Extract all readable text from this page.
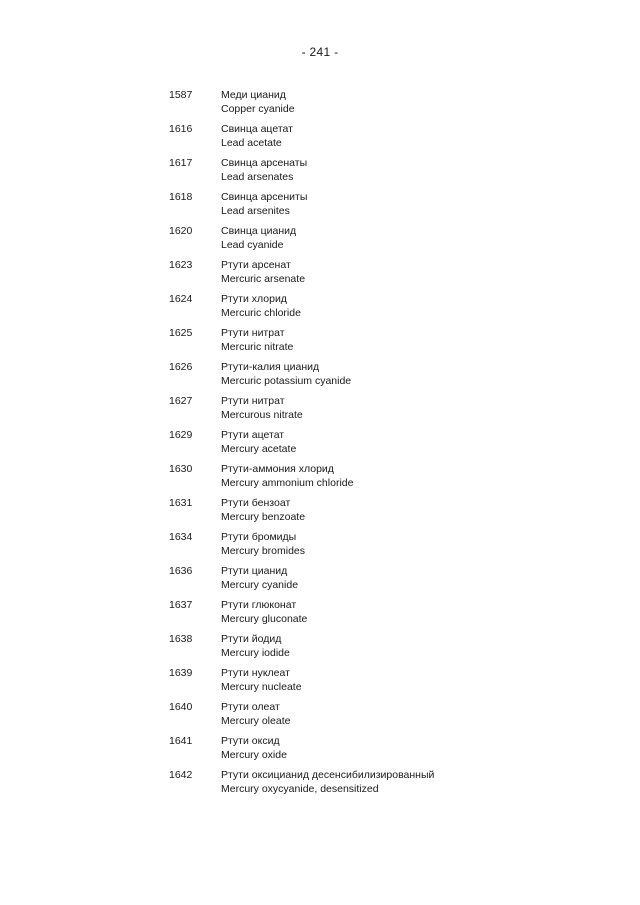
- 241 -
1587	Меди цианид
Copper cyanide
1616	Свинца ацетат
Lead acetate
1617	Свинца арсенаты
Lead arsenates
1618	Свинца арсениты
Lead arsenites
1620	Свинца цианид
Lead cyanide
1623	Ртути арсенат
Mercuric arsenate
1624	Ртути хлорид
Mercuric chloride
1625	Ртути нитрат
Mercuric nitrate
1626	Ртути-калия цианид
Mercuric potassium cyanide
1627	Ртути нитрат
Mercurous nitrate
1629	Ртути ацетат
Mercury acetate
1630	Ртути-аммония хлорид
Mercury ammonium chloride
1631	Ртути бензоат
Mercury benzoate
1634	Ртути бромиды
Mercury bromides
1636	Ртути цианид
Mercury cyanide
1637	Ртути глюконат
Mercury gluconate
1638	Ртути йодид
Mercury iodide
1639	Ртути нуклеат
Mercury nucleate
1640	Ртути олеат
Mercury oleate
1641	Ртути оксид
Mercury oxide
1642	Ртути оксицианид десенсибилизированный
Mercury oxycyanide, desensitized
